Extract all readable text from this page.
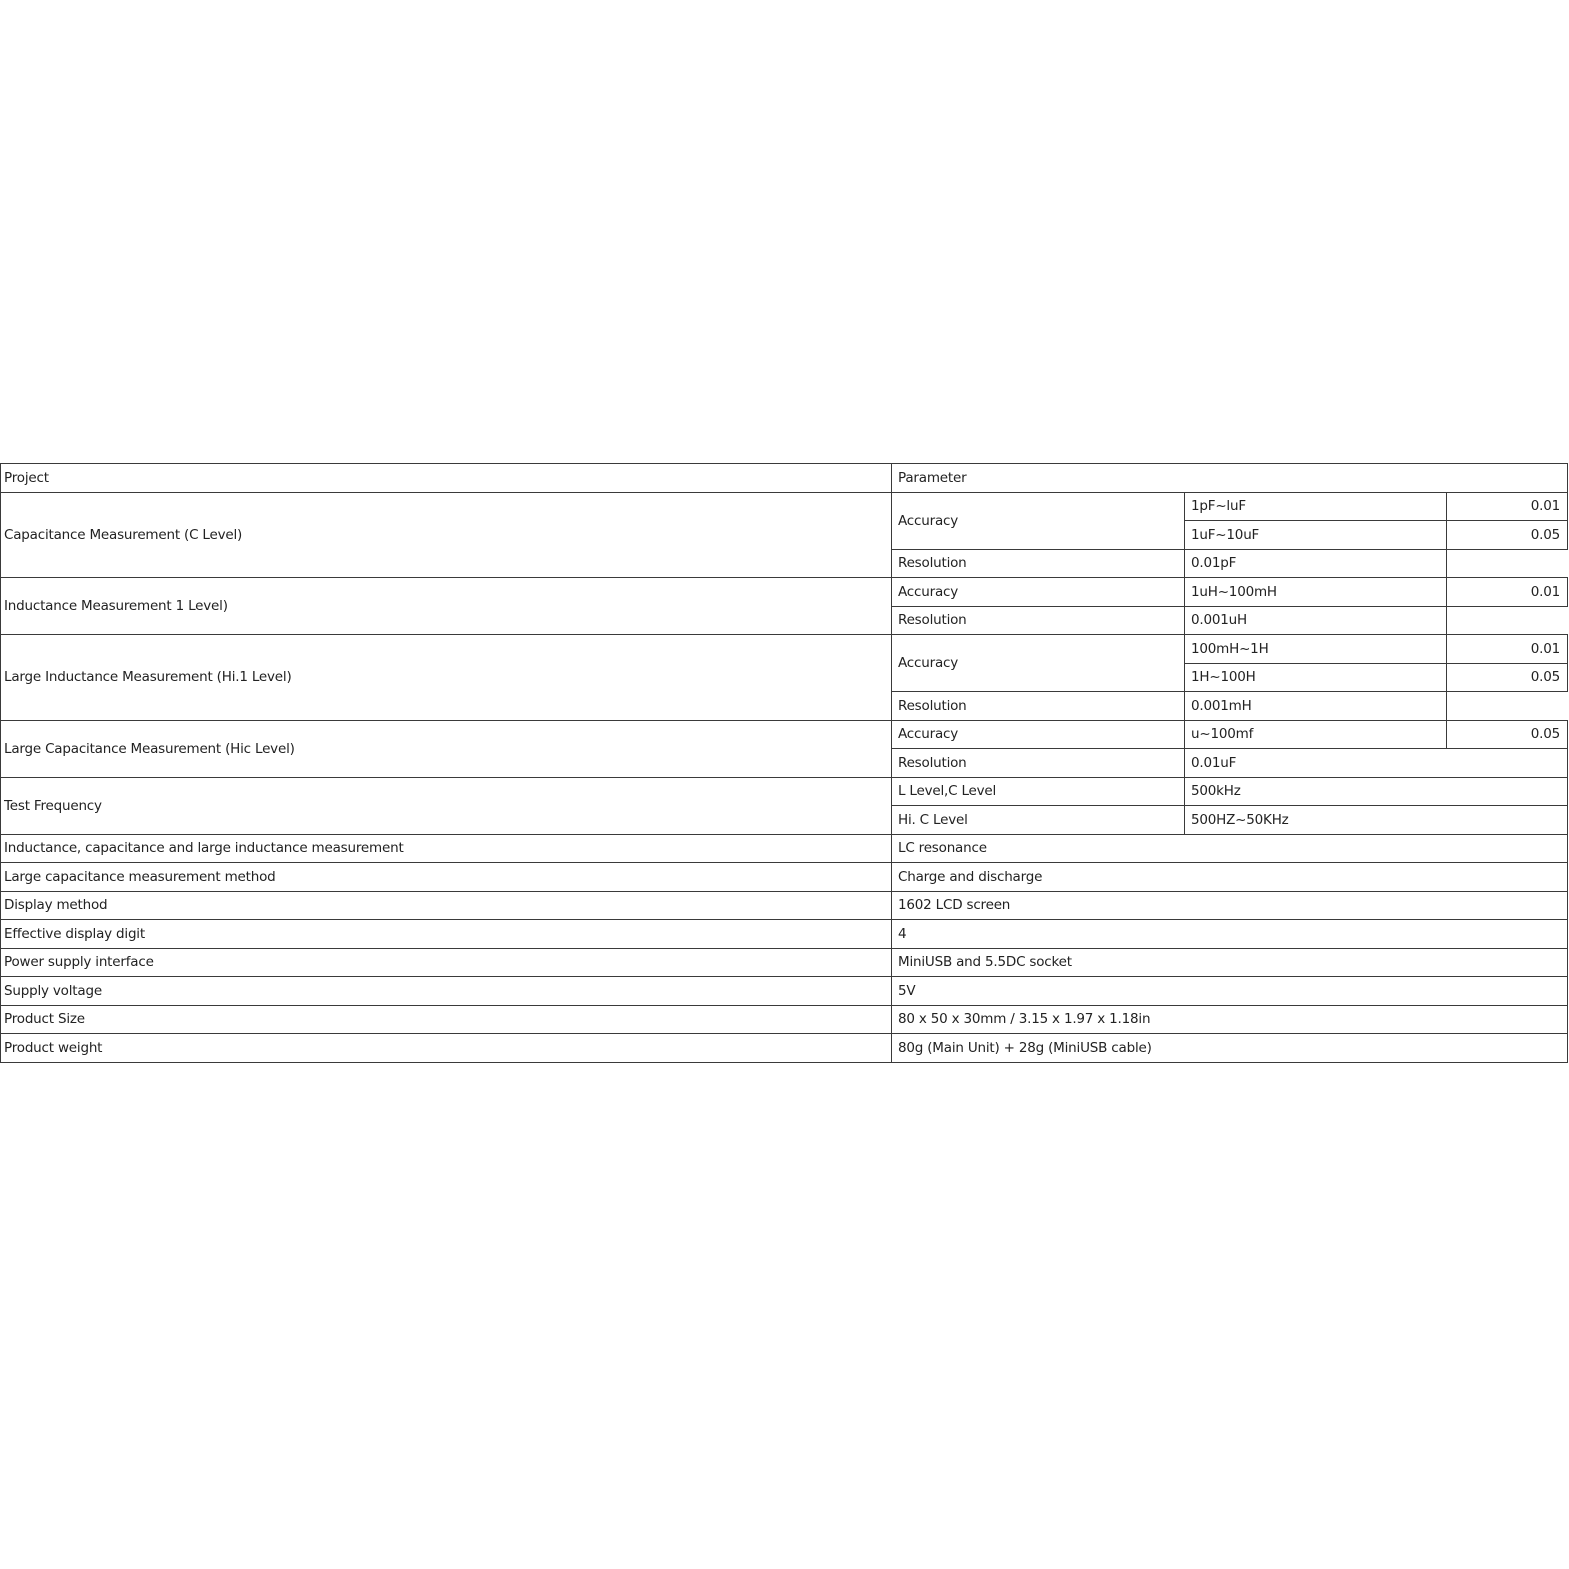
Project	Parameter		
Capacitance Measurement (C Level)	Accuracy	1pF~luF	0.01
		1uF~10uF	0.05
	Resolution	0.01pF	
Inductance Measurement 1 Level)	Accuracy	1uH~100mH	0.01
	Resolution	0.001uH	
Large Inductance Measurement (Hi.1 Level)	Accuracy	100mH~1H	0.01
		1H~100H	0.05
	Resolution	0.001mH	
Large Capacitance Measurement (Hic Level)	Accuracy	u~100mf	0.05
	Resolution	0.01uF	
Test Frequency	L Level,C Level	500kHz	
	Hi. C Level	500HZ~50KHz	
Inductance, capacitance and large inductance measurement	LC resonance		
Large capacitance measurement method	Charge and discharge		
Display method	1602 LCD screen		
Effective display digit	4		
Power supply interface	MiniUSB and 5.5DC socket		
Supply voltage	5V		
Product Size	80 x 50 x 30mm / 3.15 x 1.97 x 1.18in		
Product weight	80g (Main Unit) + 28g (MiniUSB cable)		
